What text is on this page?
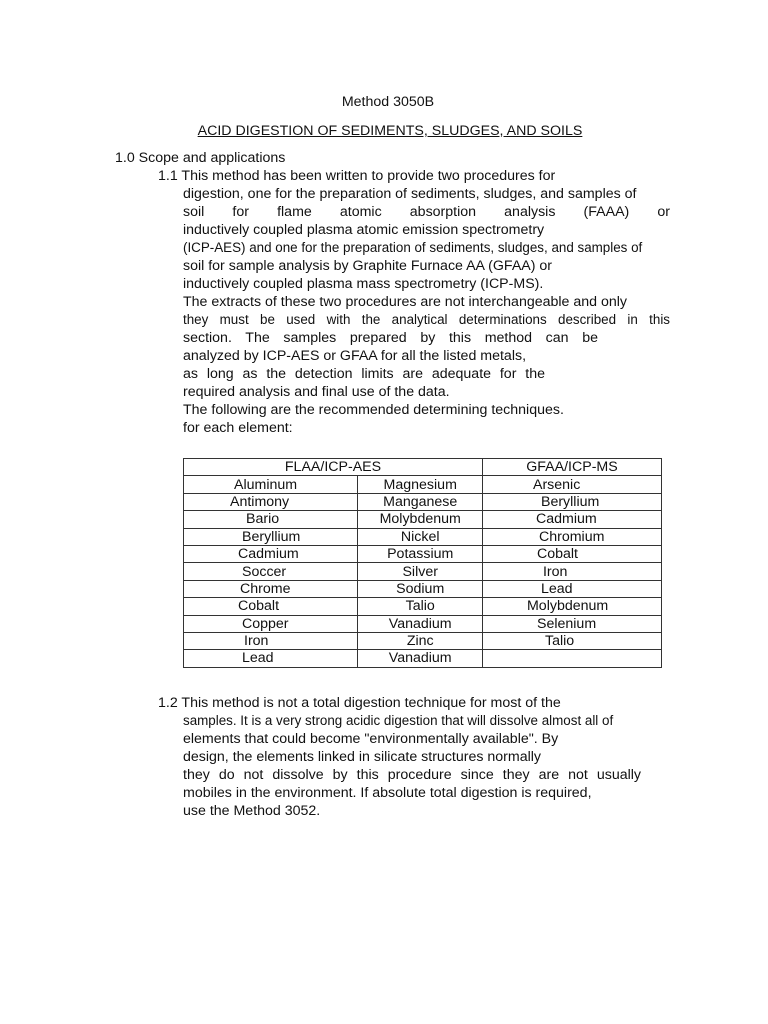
Method 3050B
ACID DIGESTION OF SEDIMENTS, SLUDGES, AND SOILS
1.0 Scope and applications
1.1 This method has been written to provide two procedures for
digestion, one for the preparation of sediments, sludges, and samples of
soil for flame atomic absorption analysis (FAAA) or
inductively coupled plasma atomic emission spectrometry
(ICP-AES) and one for the preparation of sediments, sludges, and samples of
soil for sample analysis by Graphite Furnace AA (GFAA) or
inductively coupled plasma mass spectrometry (ICP-MS).
The extracts of these two procedures are not interchangeable and only
they must be used with the analytical determinations described in this
section. The samples prepared by this method can be
analyzed by ICP-AES or GFAA for all the listed metals,
as long as the detection limits are adequate for the
required analysis and final use of the data.
The following are the recommended determining techniques.
for each element:
FLAA/ICP-AES		GFAA/ICP-MS
Aluminum	Magnesium	Arsenic
Antimony	Manganese	Beryllium
Bario	Molybdenum	Cadmium
Beryllium	Nickel	Chromium
Cadmium	Potassium	Cobalt
Soccer	Silver	Iron
Chrome	Sodium	Lead
Cobalt	Talio	Molybdenum
Copper	Vanadium	Selenium
Iron	Zinc	Talio
Lead	Vanadium	
1.2 This method is not a total digestion technique for most of the
samples. It is a very strong acidic digestion that will dissolve almost all of
elements that could become "environmentally available". By
design, the elements linked in silicate structures normally
they do not dissolve by this procedure since they are not usually
mobiles in the environment. If absolute total digestion is required,
use the Method 3052.
